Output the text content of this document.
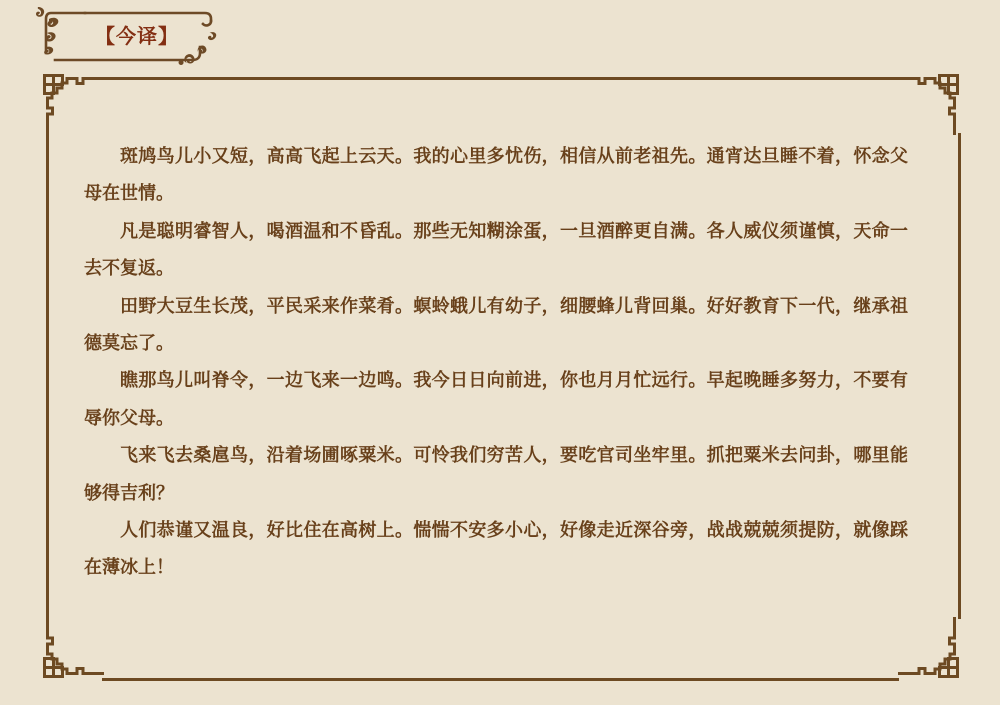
【今译】

斑鸠鸟儿小又短，高高飞起上云天。我的心里多忧伤，相信从前老祖先。通宵达旦睡不着，怀念父母在世情。

凡是聪明睿智人，喝酒温和不昏乱。那些无知糊涂蛋，一旦酒醉更自满。各人威仪须谨慎，天命一去不复返。

田野大豆生长茂，平民采来作菜肴。螟蛉蛾儿有幼子，细腰蜂儿背回巢。好好教育下一代，继承祖德莫忘了。

瞧那鸟儿叫脊令，一边飞来一边鸣。我今日日向前进，你也月月忙远行。早起晚睡多努力，不要有辱你父母。

飞来飞去桑扈鸟，沿着场圃啄粟米。可怜我们穷苦人，要吃官司坐牢里。抓把粟米去问卦，哪里能够得吉利？

人们恭谨又温良，好比住在高树上。惴惴不安多小心，好像走近深谷旁，战战兢兢须提防，就像踩在薄冰上！
